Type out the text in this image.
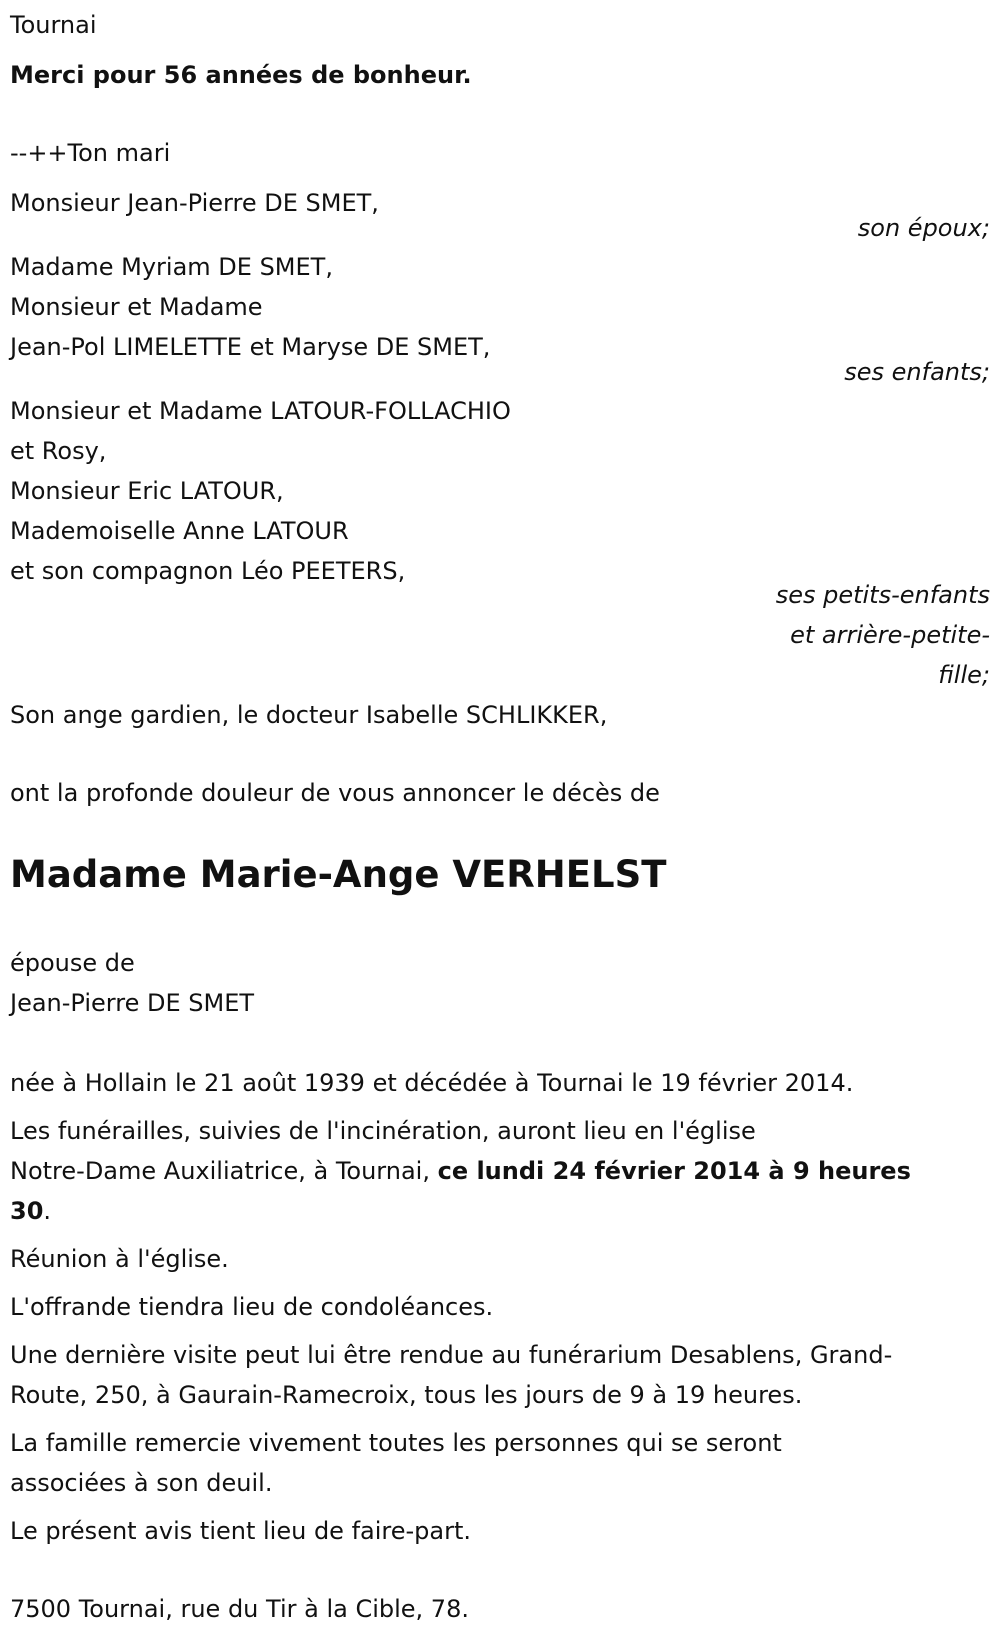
Tournai

Merci pour 56 années de bonheur.

--++Ton mari

Monsieur Jean-Pierre DE SMET,

son époux;

Madame Myriam DE SMET,

Monsieur et Madame

Jean-Pol LIMELETTE et Maryse DE SMET,

ses enfants;

Monsieur et Madame LATOUR-FOLLACHIO

et Rosy,

Monsieur Eric LATOUR,

Mademoiselle Anne LATOUR

et son compagnon Léo PEETERS,

ses petits-enfants

et arrière-petite-

fille;

Son ange gardien, le docteur Isabelle SCHLIKKER,

ont la profonde douleur de vous annoncer le décès de

Madame Marie-Ange VERHELST

épouse de

Jean-Pierre DE SMET

née à Hollain le 21 août 1939 et décédée à Tournai le 19 février 2014.

Les funérailles, suivies de l'incinération, auront lieu en l'église

Notre-Dame Auxiliatrice, à Tournai, ce lundi 24 février 2014 à 9 heures

30.

Réunion à l'église.

L'offrande tiendra lieu de condoléances.

Une dernière visite peut lui être rendue au funérarium Desablens, Grand-

Route, 250, à Gaurain-Ramecroix, tous les jours de 9 à 19 heures.

La famille remercie vivement toutes les personnes qui se seront

associées à son deuil.

Le présent avis tient lieu de faire-part.

7500 Tournai, rue du Tir à la Cible, 78.
